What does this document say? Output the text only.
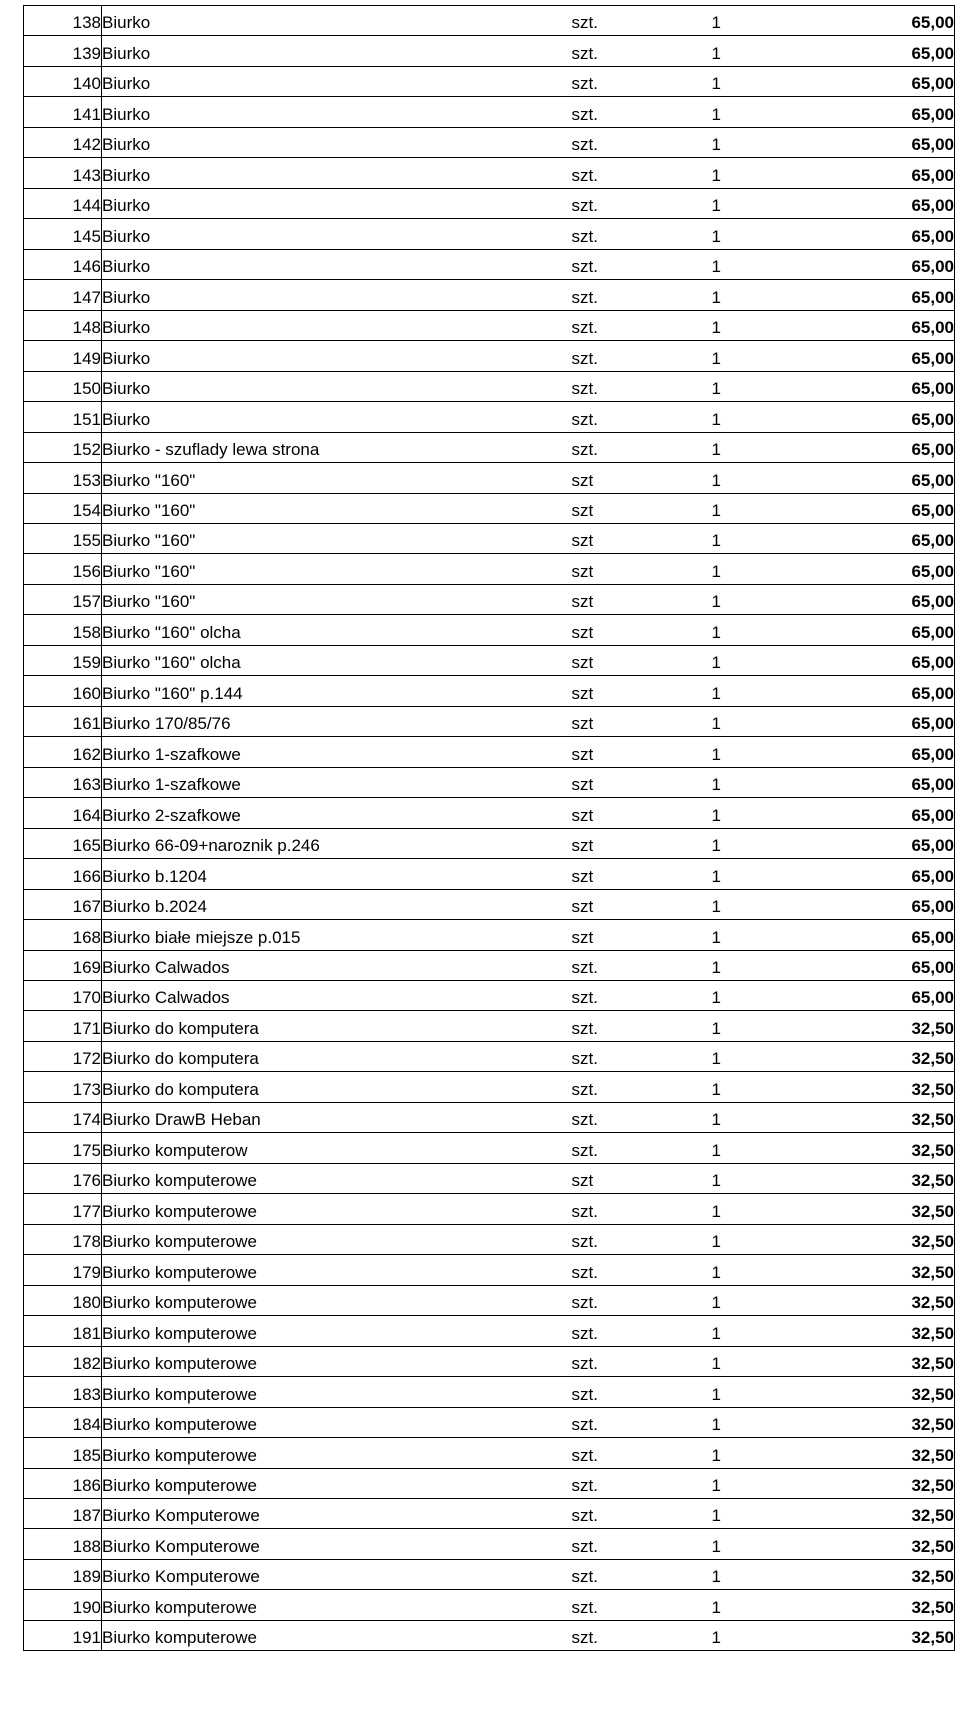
138	Biurko	szt.	1	65,00
139	Biurko	szt.	1	65,00
140	Biurko	szt.	1	65,00
141	Biurko	szt.	1	65,00
142	Biurko	szt.	1	65,00
143	Biurko	szt.	1	65,00
144	Biurko	szt.	1	65,00
145	Biurko	szt.	1	65,00
146	Biurko	szt.	1	65,00
147	Biurko	szt.	1	65,00
148	Biurko	szt.	1	65,00
149	Biurko	szt.	1	65,00
150	Biurko	szt.	1	65,00
151	Biurko	szt.	1	65,00
152	Biurko - szuflady lewa strona	szt.	1	65,00
153	Biurko "160"	szt	1	65,00
154	Biurko "160"	szt	1	65,00
155	Biurko "160"	szt	1	65,00
156	Biurko "160"	szt	1	65,00
157	Biurko "160"	szt	1	65,00
158	Biurko "160" olcha	szt	1	65,00
159	Biurko "160" olcha	szt	1	65,00
160	Biurko "160" p.144	szt	1	65,00
161	Biurko 170/85/76	szt	1	65,00
162	Biurko 1-szafkowe	szt	1	65,00
163	Biurko 1-szafkowe	szt	1	65,00
164	Biurko 2-szafkowe	szt	1	65,00
165	Biurko 66-09+naroznik p.246	szt	1	65,00
166	Biurko b.1204	szt	1	65,00
167	Biurko b.2024	szt	1	65,00
168	Biurko białe miejsze p.015	szt	1	65,00
169	Biurko Calwados	szt.	1	65,00
170	Biurko Calwados	szt.	1	65,00
171	Biurko do komputera	szt.	1	32,50
172	Biurko do komputera	szt.	1	32,50
173	Biurko do komputera	szt.	1	32,50
174	Biurko DrawB Heban	szt.	1	32,50
175	Biurko komputerow	szt.	1	32,50
176	Biurko komputerowe	szt	1	32,50
177	Biurko komputerowe	szt.	1	32,50
178	Biurko komputerowe	szt.	1	32,50
179	Biurko komputerowe	szt.	1	32,50
180	Biurko komputerowe	szt.	1	32,50
181	Biurko komputerowe	szt.	1	32,50
182	Biurko komputerowe	szt.	1	32,50
183	Biurko komputerowe	szt.	1	32,50
184	Biurko komputerowe	szt.	1	32,50
185	Biurko komputerowe	szt.	1	32,50
186	Biurko komputerowe	szt.	1	32,50
187	Biurko Komputerowe	szt.	1	32,50
188	Biurko Komputerowe	szt.	1	32,50
189	Biurko Komputerowe	szt.	1	32,50
190	Biurko komputerowe	szt.	1	32,50
191	Biurko komputerowe	szt.	1	32,50
